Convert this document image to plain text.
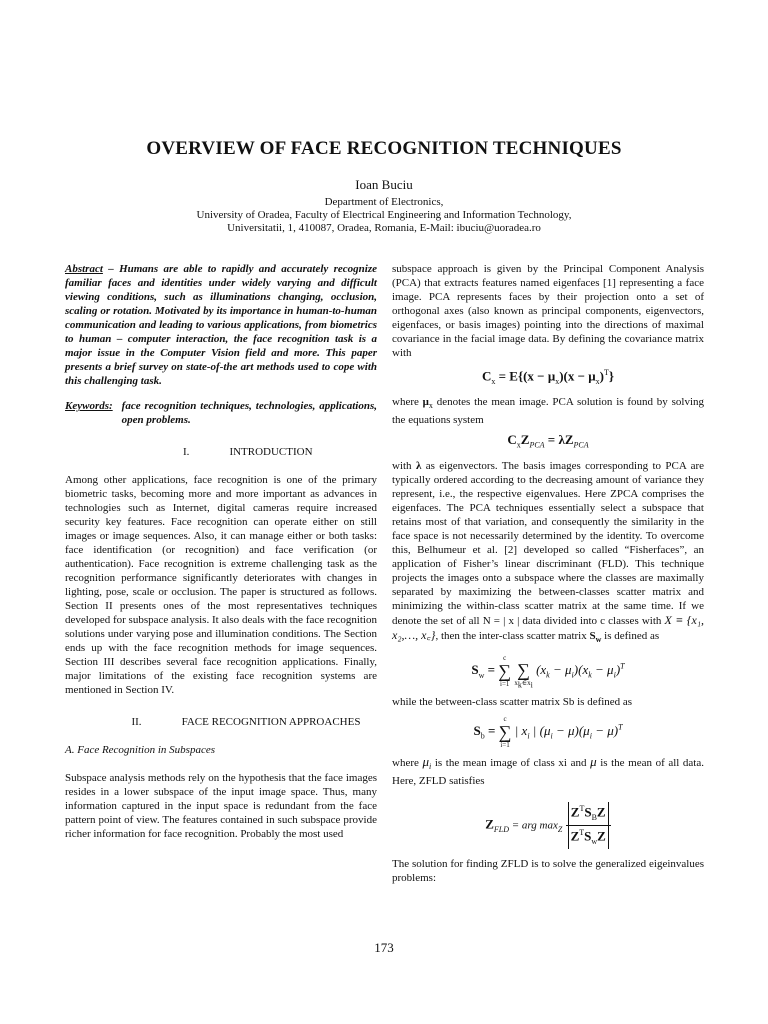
OVERVIEW OF FACE RECOGNITION TECHNIQUES
Ioan Buciu
Department of Electronics,
University of Oradea, Faculty of Electrical Engineering and Information Technology,
Universitatii, 1, 410087, Oradea, Romania, E-Mail: ibuciu@uoradea.ro

Abstract – Humans are able to rapidly and accurately recognize familiar faces and identities under widely varying and difficult viewing conditions, such as illuminations changing, occlusion, scaling or rotation. Motivated by its importance in human-to-human communication and leading to various applications, from biometrics to human – computer interaction, the face recognition task is a major issue in the Computer Vision field and more. This paper presents a brief survey on state-of-the art methods used to cope with this challenging task.

Keywords: face recognition techniques, technologies, applications, open problems.
I.	INTRODUCTION

Among other applications, face recognition is one of the primary biometric tasks, becoming more and more important as advances in technologies such as Internet, digital cameras require increased security key features. Face recognition can operate either on still images or image sequences. Also, it can manage either or both tasks: face identification (or recognition) and face verification (or authentication). Face recognition is extreme challenging task as the recognition performance significantly deteriorates with changes in lighting, pose, scale or occlusion. The paper is structured as follows. Section II presents ones of the most representatives techniques developed for subspace analysis. It also deals with the face recognition solutions under varying pose and illumination conditions. The Section ends up with the face recognition methods for image sequences. Section III describes several face recognition applications. Finally, major limitations of the existing face recognition systems are mentioned in Section IV.

II.	FACE RECOGNITION APPROACHES
A. Face Recognition in Subspaces

Subspace analysis methods rely on the hypothesis that the face images resides in a lower subspace of the input image space. Thus, many information captured in the input space is redundant from the face pattern point of view. The features contained in such subspace provide richer information for face recognition. Probably the most used

subspace approach is given by the Principal Component Analysis (PCA) that extracts features named eigenfaces [1] representing a face image. PCA represents faces by their projection onto a set of orthogonal axes (also known as principal components, eigenvectors, eigenfaces, or basis images) pointing into the directions of maximal covariance in the facial image data. By defining the covariance matrix with

$C_x = E\{(x - \mu_x)(x - \mu_x)^T\}$

where $\mu_x$ denotes the mean image. PCA solution is found by solving the equations system

$C_xZ_{PCA} = \lambda Z_{PCA}$

with λ as eigenvectors. The basis images corresponding to PCA are typically ordered according to the decreasing amount of variance they represent, i.e., the respective eigenvalues. Here ZPCA comprises the eigenfaces. The PCA techniques essentially select a subspace that retains most of that variation, and consequently the similarity in the face space is not necessarily determined by the identity. To overcome this, Belhumeur et al. [2] developed so called “Fisherfaces”, an application of Fisher’s linear discriminant (FLD). This technique projects the images onto a subspace where the classes are maximally separated by maximizing the between-classes scatter matrix and minimizing the within-class scatter matrix at the same time. If we denote the set of all N = | x | data divided into c classes with X ≡ {x₁, x₂,…, x꜀}, then the inter-class scatter matrix $S_w$ is defined as

$S_w$ =
c
∑
i=1

∑
$x_k\in x_i$
$(x_k - \mu_i)(x_k - \mu_i)^T$

while the between-class scatter matrix Sb is defined as

$S_b$ =
c
∑
i=1
| $x_i$ | $(\mu_i - \mu)(\mu_i - \mu)^T$

where $\mu_i$ is the mean image of class xi and μ is the mean of all data. Here, ZFLD satisfies

$Z_{FLD}$ = arg $\max_Z \frac{Z^TS_BZ}{Z^TS_wZ}$

The solution for finding ZFLD is to solve the generalized eigeinvalues problems:

173
